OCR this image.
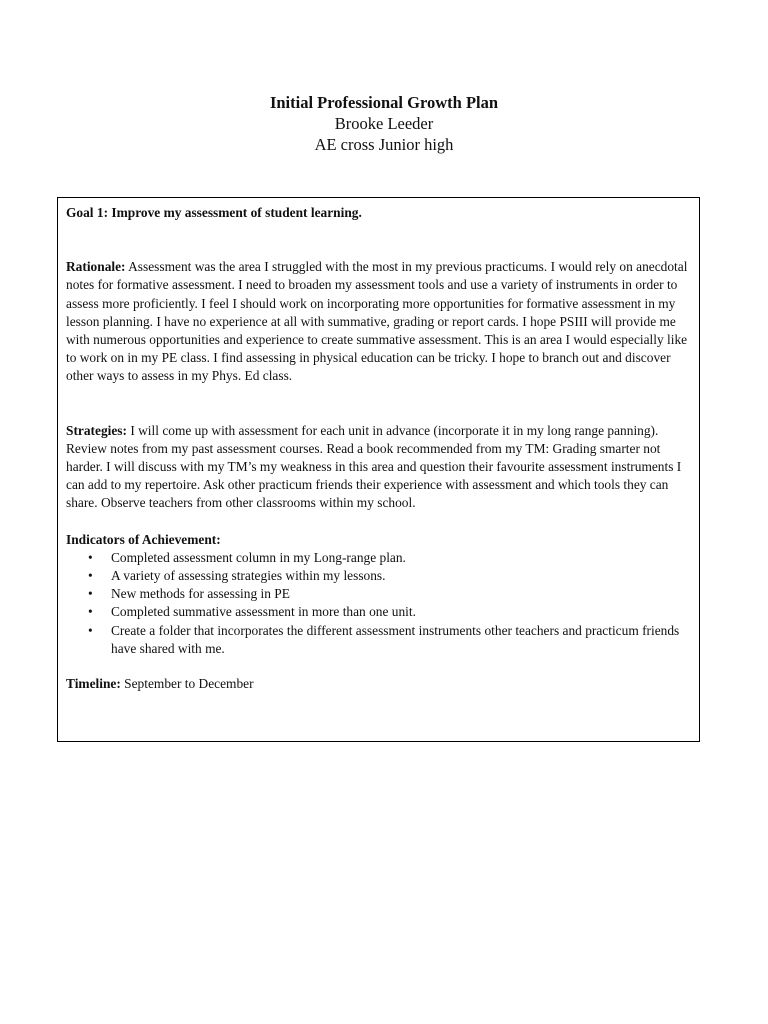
Initial Professional Growth Plan
Brooke Leeder
AE cross Junior high

Goal 1: Improve my assessment of student learning.

Rationale: Assessment was the area I struggled with the most in my previous practicums. I would rely on anecdotal notes for formative assessment. I need to broaden my assessment tools and use a variety of instruments in order to assess more proficiently. I feel I should work on incorporating more opportunities for formative assessment in my lesson planning. I have no experience at all with summative, grading or report cards. I hope PSIII will provide me with numerous opportunities and experience to create summative assessment. This is an area I would especially like to work on in my PE class. I find assessing in physical education can be tricky. I hope to branch out and discover other ways to assess in my Phys. Ed class.

Strategies: I will come up with assessment for each unit in advance (incorporate it in my long range panning). Review notes from my past assessment courses. Read a book recommended from my TM: Grading smarter not harder. I will discuss with my TM’s my weakness in this area and question their favourite assessment instruments I can add to my repertoire. Ask other practicum friends their experience with assessment and which tools they can share. Observe teachers from other classrooms within my school.

Indicators of Achievement:

• Completed assessment column in my Long-range plan.
• A variety of assessing strategies within my lessons.
• New methods for assessing in PE
• Completed summative assessment in more than one unit.
• Create a folder that incorporates the different assessment instruments other teachers and practicum friends have shared with me.

Timeline: September to December
